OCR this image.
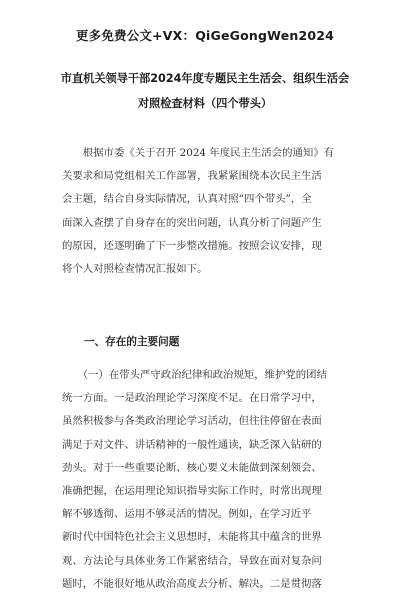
更多免费公文+VX：QiGeGongWen2024
市直机关领导干部2024年度专题民主生活会、组织生活会
对照检查材料（四个带头）
　　根据市委《关于召开 2024 年度民主生活会的通知》有
关要求和局党组相关工作部署，我紧紧围绕本次民主生活
会主题，结合自身实际情况，认真对照“四个带头”，全
面深入查摆了自身存在的突出问题，认真分析了问题产生
的原因，还逐明确了下一步整改措施。按照会议安排，现
将个人对照检查情况汇报如下。
一、存在的主要问题
　　（一）在带头严守政治纪律和政治规矩，维护党的团结
统一方面。一是政治理论学习深度不足。在日常学习中，
虽然积极参与各类政治理论学习活动，但往往停留在表面
满足于对文件、讲话精神的一般性通读，缺乏深入钻研的
劲头。对于一些重要论断、核心要义未能做到深刻领会、
准确把握，在运用理论知识指导实际工作时，时常出现理
解不够透彻、运用不够灵活的情况。例如，在学习近平
新时代中国特色社会主义思想时，未能将其中蕴含的世界
观、方法论与具体业务工作紧密结合，导致在面对复杂问
题时，不能很好地从政治高度去分析、解决。二是贯彻落
